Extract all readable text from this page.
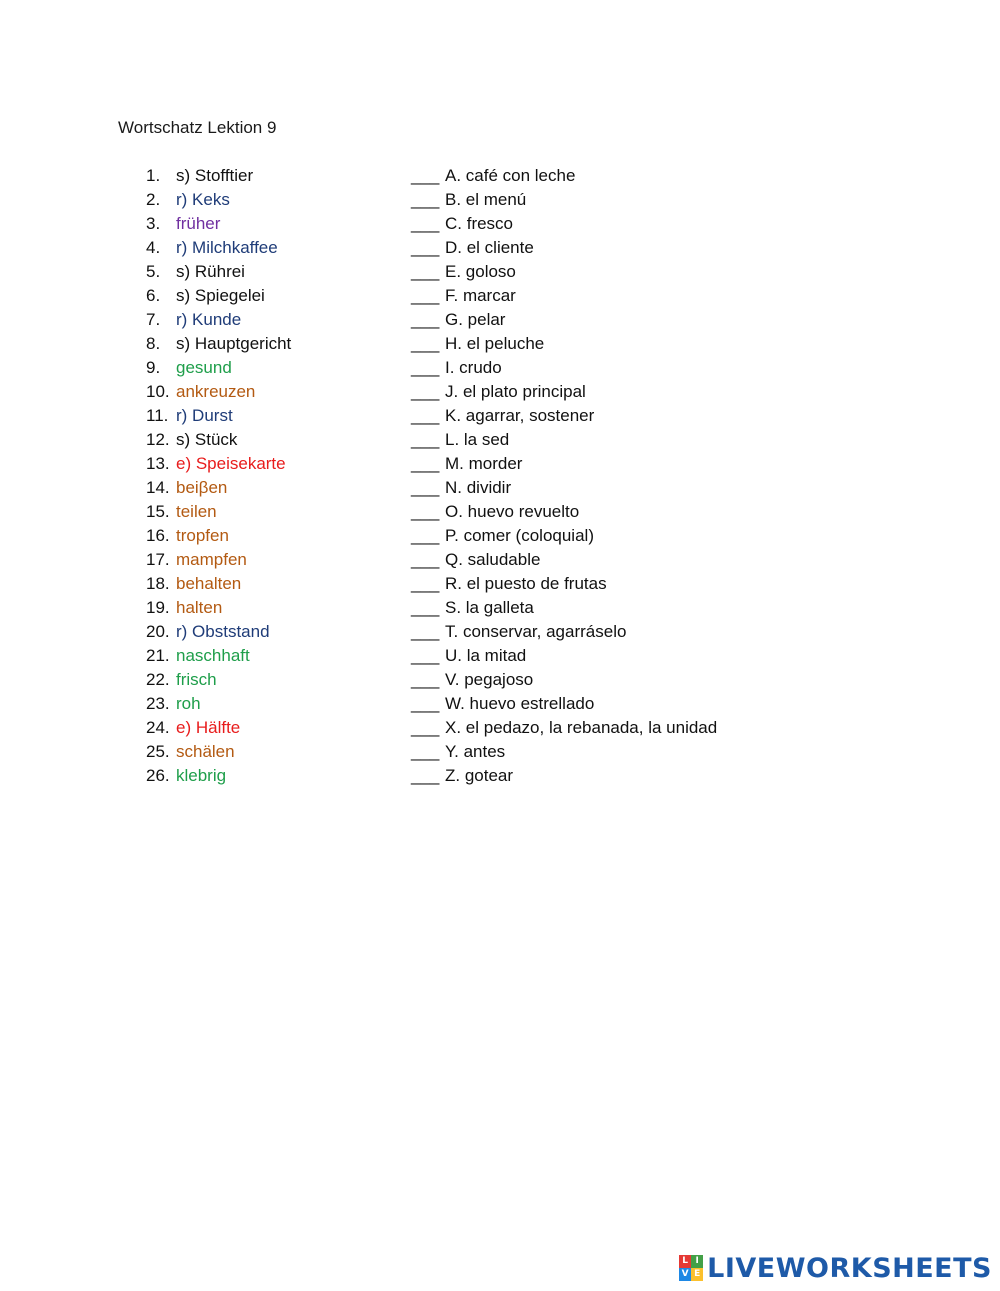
Wortschatz Lektion 9
1. s) Stofftier	___ A. café con leche
2. r) Keks	___ B. el menú
3. früher	___ C. fresco
4. r) Milchkaffee	___ D. el cliente
5. s) Rührei	___ E. goloso
6. s) Spiegelei	___ F. marcar
7. r) Kunde	___ G. pelar
8. s) Hauptgericht	___ H. el peluche
9. gesund	___ I. crudo
10. ankreuzen	___ J. el plato principal
11. r) Durst	___ K. agarrar, sostener
12. s) Stück	___ L. la sed
13. e) Speisekarte	___ M. morder
14. beiβen	___ N. dividir
15. teilen	___ O. huevo revuelto
16. tropfen	___ P. comer (coloquial)
17. mampfen	___ Q. saludable
18. behalten	___ R. el puesto de frutas
19. halten	___ S. la galleta
20. r) Obststand	___ T. conservar, agarráselo
21. naschhaft	___ U. la mitad
22. frisch	___ V. pegajoso
23. roh	___ W. huevo estrellado
24. e) Hälfte	___ X. el pedazo, la rebanada, la unidad
25. schälen	___ Y. antes
26. klebrig	___ Z. gotear
L I
V E LIVEWORKSHEETS
